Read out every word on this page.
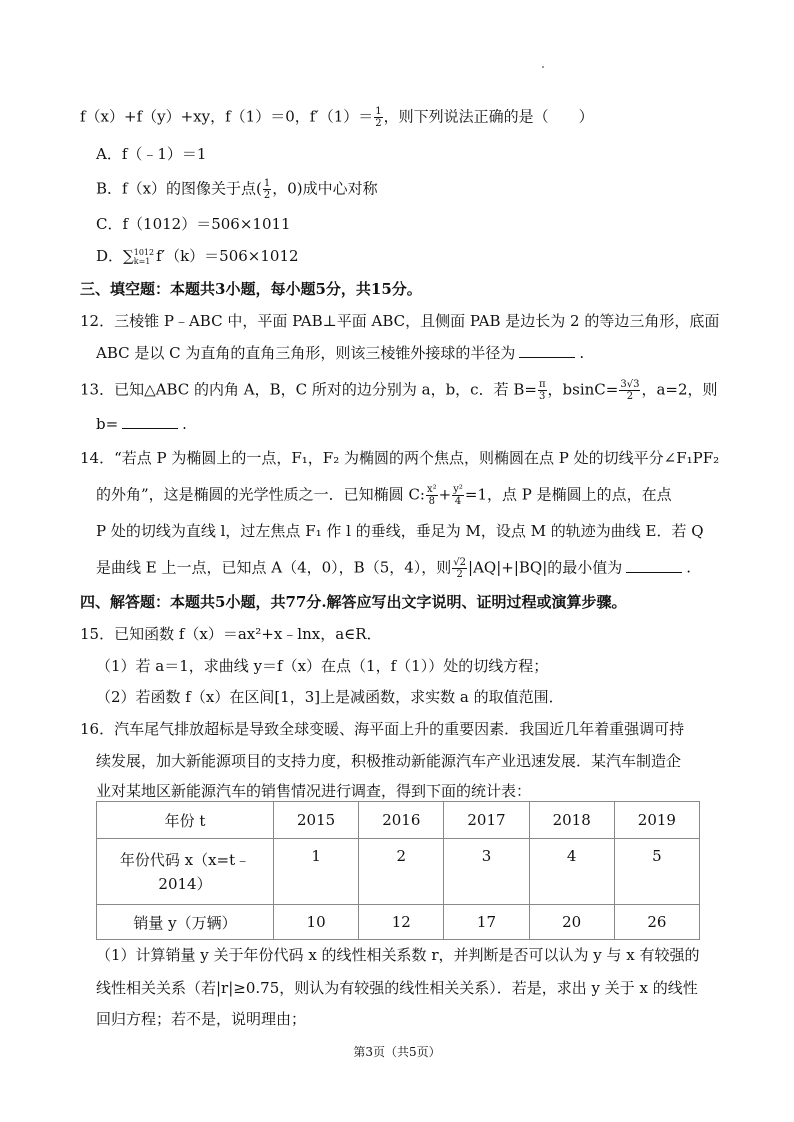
f（x）+f（y）+xy，f（1）＝0，$f'(1)= \frac{1}{2}$ ，则下列说法正确的是（　　）
A．f（﹣1）＝1
B．f（x）的图像关于点( $\frac{1}{2}$ ，0)成中心对称
C．f（1012）＝506×1011
D．∑ 1012
k=1 f′（k）＝506×1012
三、填空题：本题共3小题，每小题5分，共15分。
12．三棱锥 P﹣ABC 中，平面 PAB⊥平面 ABC，且侧面 PAB 是边长为 2 的等边三角形，底面
ABC 是以 C 为直角的直角三角形，则该三棱锥外接球的半径为	.
13．已知△ABC 的内角 A，B，C 所对的边分别为 a，b，c．若 $B= \frac{\pi}{3}$ ，$bsinC= \frac{3√3}{2}$ ，a=2，则
b=	.
14．“若点 P 为椭圆上的一点，F₁，F₂ 为椭圆的两个焦点，则椭圆在点 P 处的切线平分∠F₁PF₂
的外角”，这是椭圆的光学性质之一．已知椭圆 C: $\frac{\text{x²}}{8} + \frac{\text{y²}}{4} =1$，点 P 是椭圆上的点，在点
P 处的切线为直线 l，过左焦点 F₁ 作 l 的垂线，垂足为 M，设点 M 的轨迹为曲线 E．若 Q
是曲线 E 上一点，已知点 A（4，0），B（5，4），则 $\frac{√2}{2} |AQ|+|BQ|$的最小值为	.
四、解答题：本题共5小题，共77分.解答应写出文字说明、证明过程或演算步骤。
15．已知函数 f（x）＝ax²+x﹣lnx，a∈R．
（1）若 a＝1，求曲线 y＝f（x）在点（1，f（1））处的切线方程；
（2）若函数 f（x）在区间[1，3]上是减函数，求实数 a 的取值范围．
16．汽车尾气排放超标是导致全球变暖、海平面上升的重要因素．我国近几年着重强调可持
续发展，加大新能源项目的支持力度，积极推动新能源汽车产业迅速发展．某汽车制造企
业对某地区新能源汽车的销售情况进行调查，得到下面的统计表：
年份 t	2015	2016	2017	2018	2019

年份代码 x（x=t﹣
2014）	1	2	3	4	5
销量 y（万辆）	10	12	17	20	26
（1）计算销量 y 关于年份代码 x 的线性相关系数 r，并判断是否可以认为 y 与 x 有较强的
线性相关关系（若|r|≥0.75，则认为有较强的线性相关关系）．若是，求出 y 关于 x 的线性
回归方程；若不是，说明理由；
第3页（共5页）
